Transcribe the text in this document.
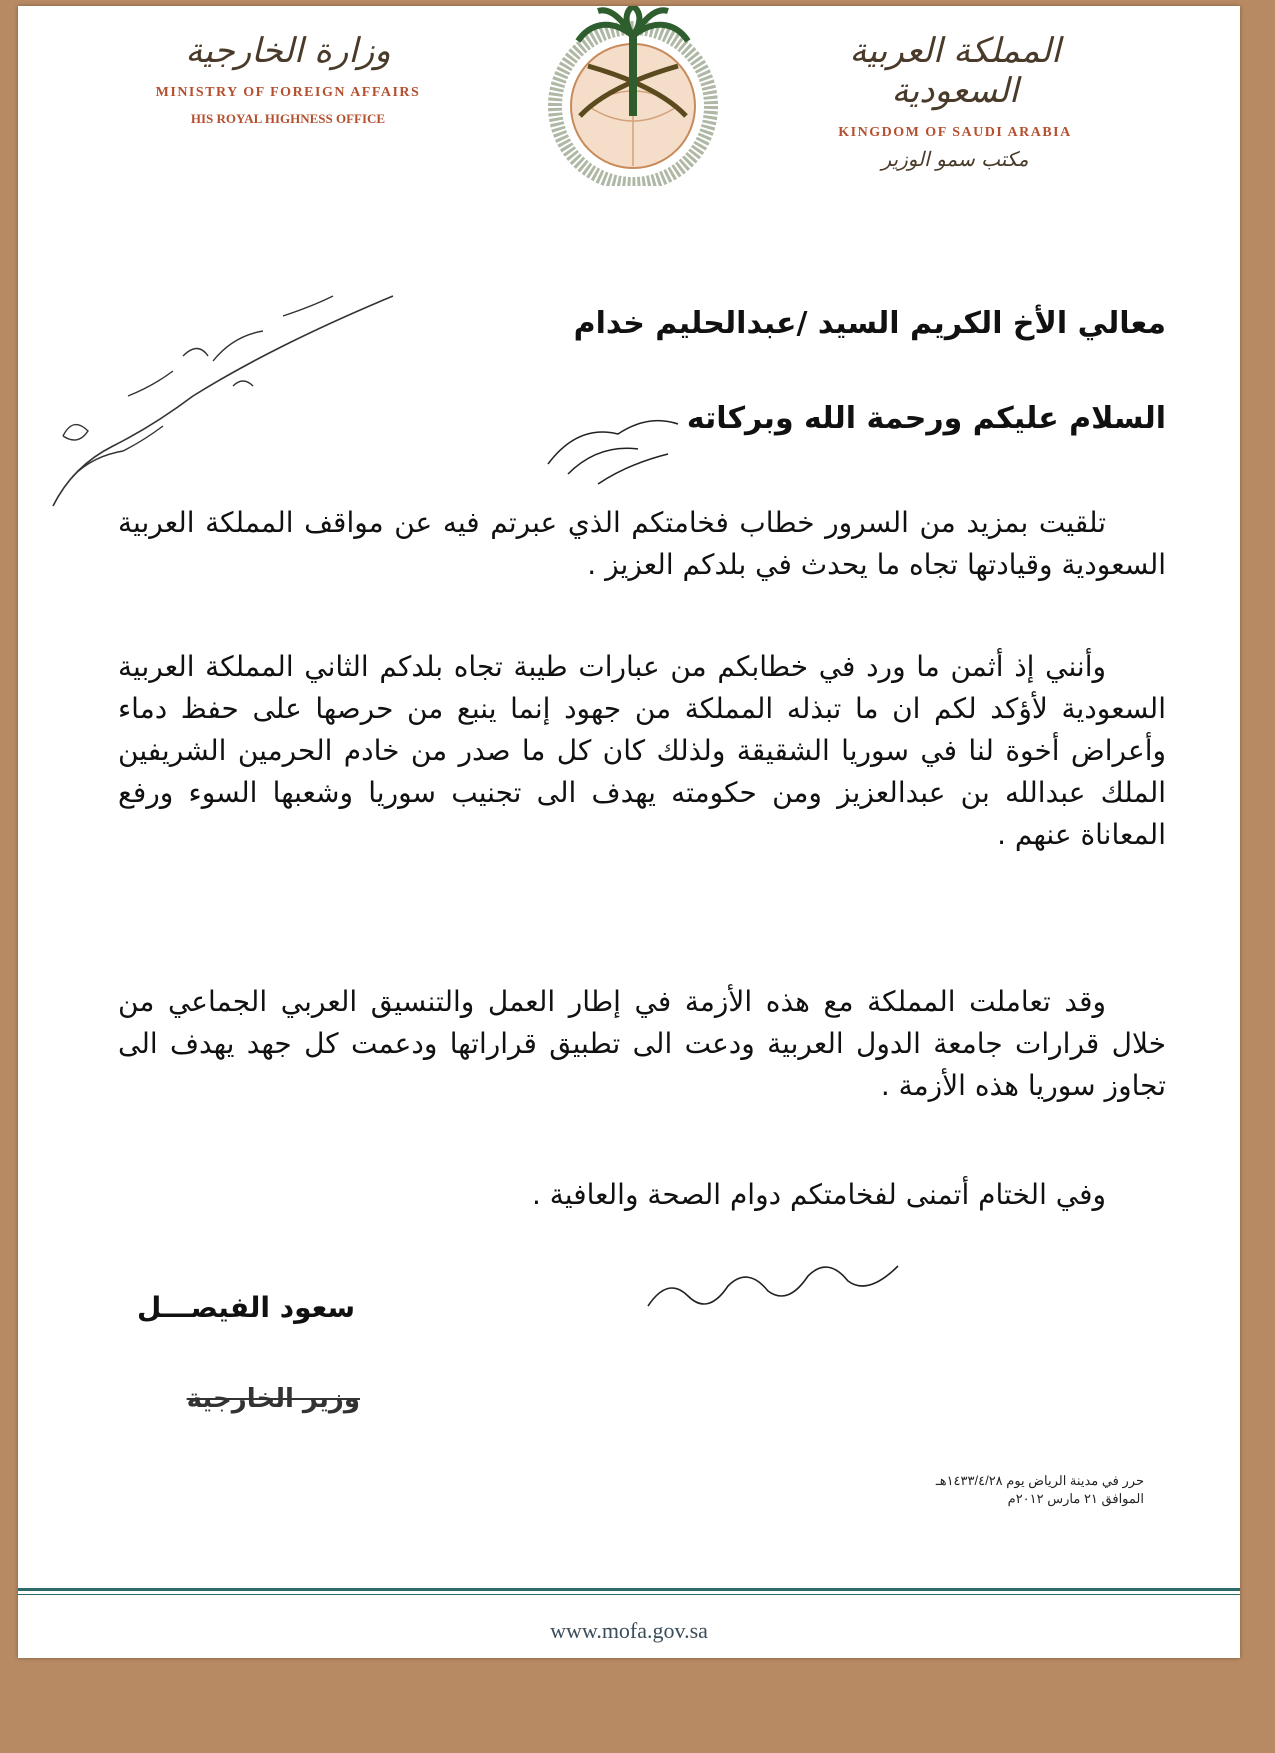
وزارة الخارجية
MINISTRY OF FOREIGN AFFAIRS
HIS ROYAL HIGHNESS OFFICE
المملكة العربية السعودية
KINGDOM OF SAUDI ARABIA
مكتب سمو الوزير
معالي الأخ الكريم السيد /عبدالحليم خدام
السلام عليكم ورحمة الله وبركاته
تلقيت بمزيد من السرور خطاب فخامتكم الذي عبرتم فيه عن مواقف المملكة العربية السعودية وقيادتها تجاه ما يحدث في بلدكم العزيز .
وأنني إذ أثمن ما ورد في خطابكم من عبارات طيبة تجاه بلدكم الثاني المملكة العربية السعودية لأؤكد لكم ان ما تبذله المملكة من جهود إنما ينبع من حرصها على حفظ دماء وأعراض أخوة لنا في سوريا الشقيقة ولذلك كان كل ما صدر من خادم الحرمين الشريفين الملك عبدالله بن عبدالعزيز ومن حكومته يهدف الى تجنيب سوريا وشعبها السوء ورفع المعاناة عنهم .
وقد تعاملت المملكة مع هذه الأزمة في إطار العمل والتنسيق العربي الجماعي من خلال قرارات جامعة الدول العربية ودعت الى تطبيق قراراتها ودعمت كل جهد يهدف الى تجاوز سوريا هذه الأزمة .
وفي الختام أتمنى لفخامتكم دوام الصحة والعافية .
سعود الفيصـــل
وزير الخارجية
حرر في مدينة الرياض يوم ١٤٣٣/٤/٢٨هـ
الموافق ٢١ مارس ٢٠١٢م
www.mofa.gov.sa
